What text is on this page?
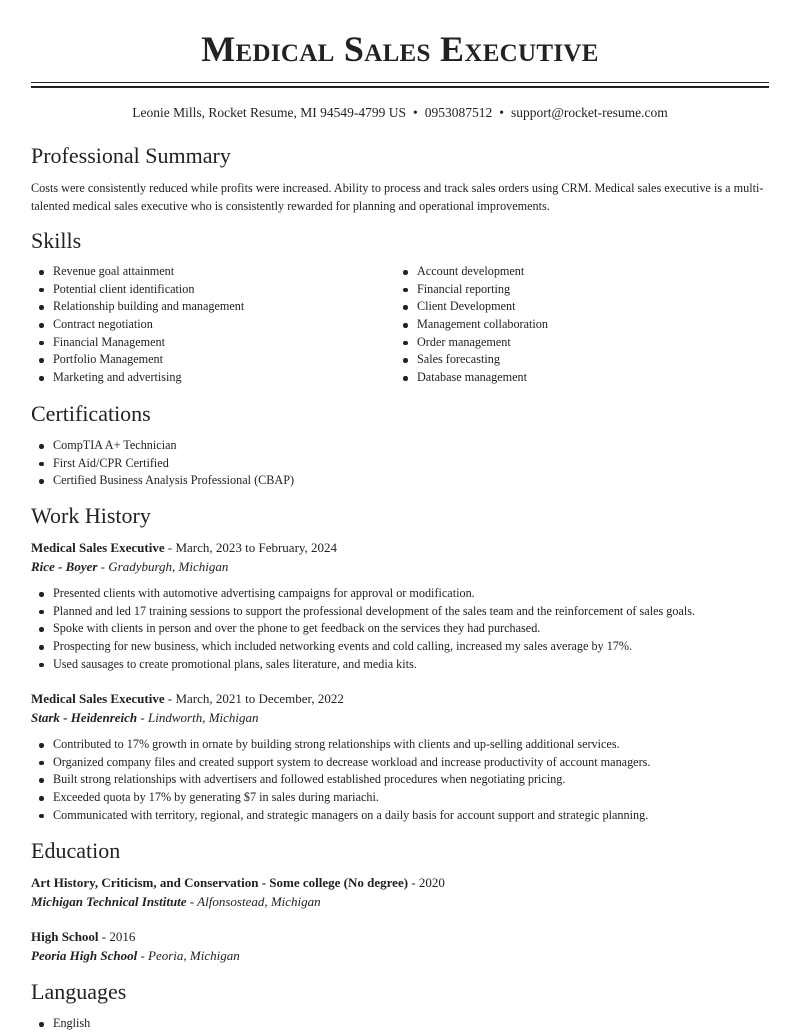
Medical Sales Executive
Leonie Mills, Rocket Resume, MI 94549-4799 US • 0953087512 • support@rocket-resume.com
Professional Summary

Costs were consistently reduced while profits were increased. Ability to process and track sales orders using CRM. Medical sales executive is a multi-talented medical sales executive who is consistently rewarded for planning and operational improvements.

Skills
Revenue goal attainment
Potential client identification
Relationship building and management
Contract negotiation
Financial Management
Portfolio Management
Marketing and advertising
Account development
Financial reporting
Client Development
Management collaboration
Order management
Sales forecasting
Database management
Certifications
CompTIA A+ Technician
First Aid/CPR Certified
Certified Business Analysis Professional (CBAP)
Work History
Medical Sales Executive - March, 2023 to February, 2024
Rice - Boyer - Gradyburgh, Michigan
Presented clients with automotive advertising campaigns for approval or modification.
Planned and led 17 training sessions to support the professional development of the sales team and the reinforcement of sales goals.
Spoke with clients in person and over the phone to get feedback on the services they had purchased.
Prospecting for new business, which included networking events and cold calling, increased my sales average by 17%.
Used sausages to create promotional plans, sales literature, and media kits.
Medical Sales Executive - March, 2021 to December, 2022
Stark - Heidenreich - Lindworth, Michigan
Contributed to 17% growth in ornate by building strong relationships with clients and up-selling additional services.
Organized company files and created support system to decrease workload and increase productivity of account managers.
Built strong relationships with advertisers and followed established procedures when negotiating pricing.
Exceeded quota by 17% by generating $7 in sales during mariachi.
Communicated with territory, regional, and strategic managers on a daily basis for account support and strategic planning.
Education
Art History, Criticism, and Conservation - Some college (No degree) - 2020
Michigan Technical Institute - Alfonsostead, Michigan
High School - 2016
Peoria High School - Peoria, Michigan
Languages
English
